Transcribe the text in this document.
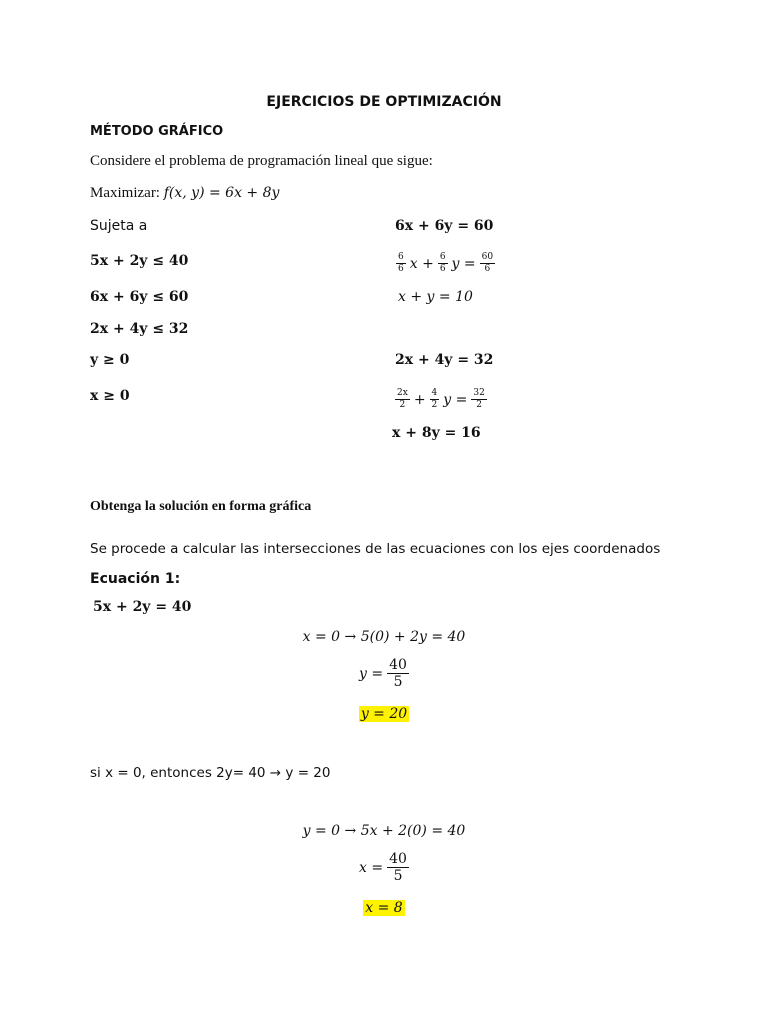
EJERCICIOS DE OPTIMIZACIÓN
MÉTODO GRÁFICO
Considere el problema de programación lineal que sigue:
Maximizar: f(x, y) = 6x + 8y
Sujeta a
5x + 2y ≤ 40
6x + 6y ≤ 60
2x + 4y ≤ 32
y ≥ 0
x ≥ 0
6x + 6y = 60
$\frac{6}{6}$ $x + \frac{6}{6}$ $y = \frac{60}{6}$
x + y = 10
2x + 4y = 32
$\frac{2x}{2} + \frac{4}{2}$ $y = \frac{32}{2}$
x + 8y = 16
Obtenga la solución en forma gráfica
Se procede a calcular las intersecciones de las ecuaciones con los ejes coordenados
Ecuación 1:
5x + 2y = 40
x = 0 → 5(0) + 2y = 40
$y = \frac{40}{5}$
y = 20
si x = 0, entonces 2y= 40 → y = 20
y = 0 → 5x + 2(0) = 40
$x = \frac{40}{5}$
x = 8
